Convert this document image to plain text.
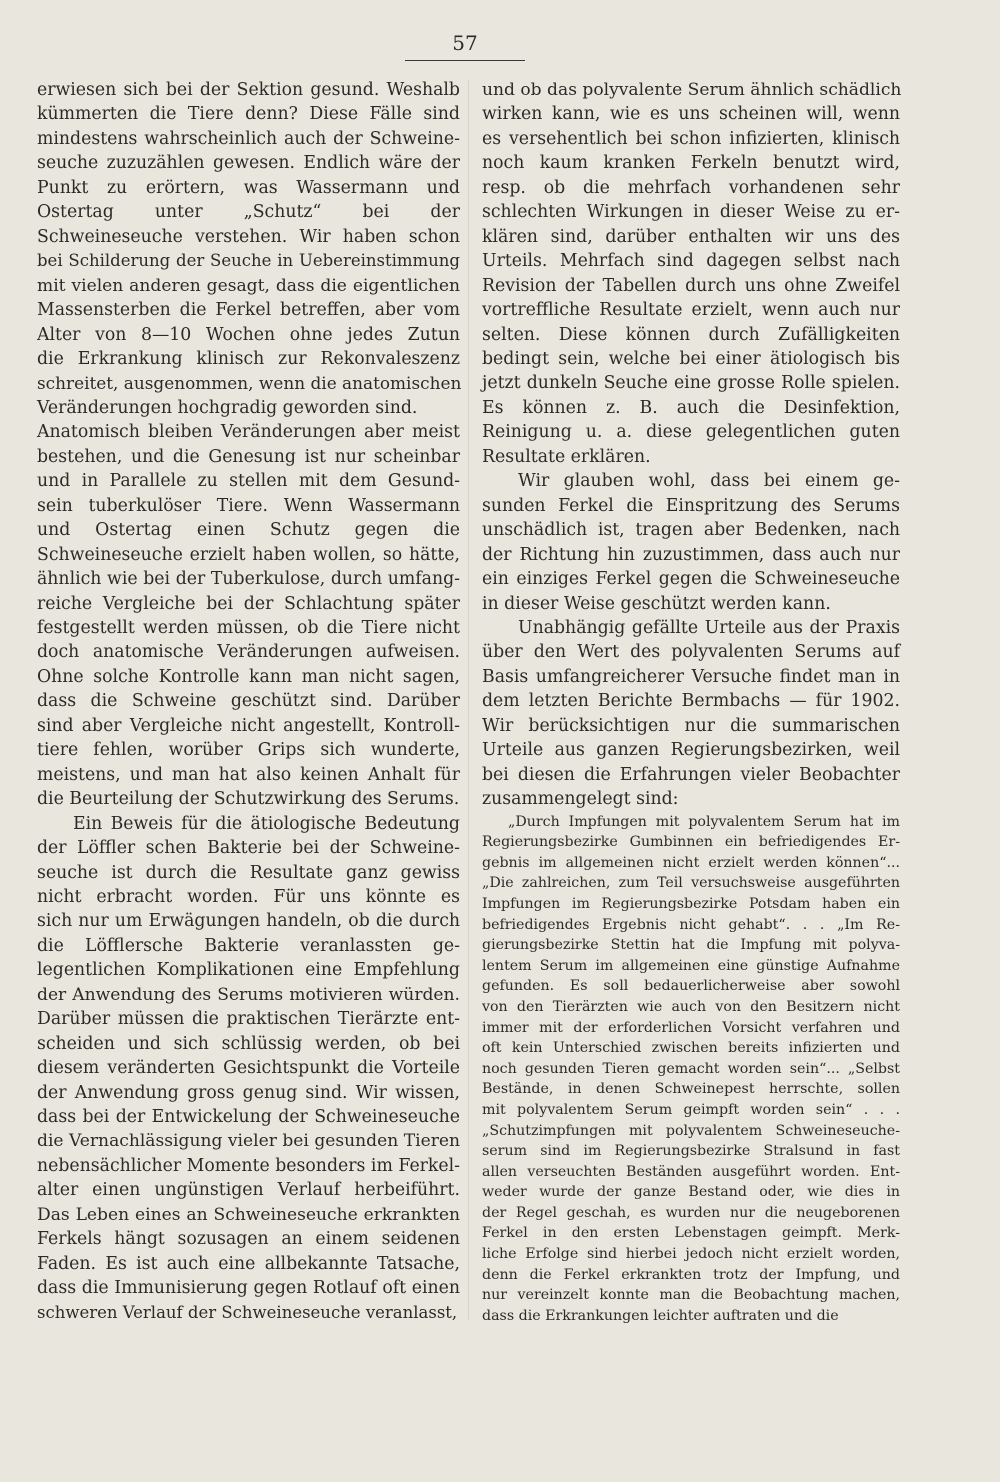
57
erwiesen sich bei der Sektion gesund. Weshalb
kümmerten die Tiere denn? Diese Fälle sind
mindestens wahrscheinlich auch der Schweine-
seuche zuzuzählen gewesen. Endlich wäre der
Punkt zu erörtern, was Wassermann und
Ostertag unter „Schutz“ bei der
Schweineseuche verstehen. Wir haben schon
bei Schilderung der Seuche in Uebereinstimmung
mit vielen anderen gesagt, dass die eigentlichen
Massensterben die Ferkel betreffen, aber vom
Alter von 8—10 Wochen ohne jedes Zutun
die Erkrankung klinisch zur Rekonvaleszenz
schreitet, ausgenommen, wenn die anatomischen
Veränderungen hochgradig geworden sind.
Anatomisch bleiben Veränderungen aber meist
bestehen, und die Genesung ist nur scheinbar
und in Parallele zu stellen mit dem Gesund-
sein tuberkulöser Tiere. Wenn Wassermann
und Ostertag einen Schutz gegen die
Schweineseuche erzielt haben wollen, so hätte,
ähnlich wie bei der Tuberkulose, durch umfang-
reiche Vergleiche bei der Schlachtung später
festgestellt werden müssen, ob die Tiere nicht
doch anatomische Veränderungen aufweisen.
Ohne solche Kontrolle kann man nicht sagen,
dass die Schweine geschützt sind. Darüber
sind aber Vergleiche nicht angestellt, Kontroll-
tiere fehlen, worüber Grips sich wunderte,
meistens, und man hat also keinen Anhalt für
die Beurteilung der Schutzwirkung des Serums.
Ein Beweis für die ätiologische Bedeutung
der Löffler schen Bakterie bei der Schweine-
seuche ist durch die Resultate ganz gewiss
nicht erbracht worden. Für uns könnte es
sich nur um Erwägungen handeln, ob die durch
die Löfflersche Bakterie veranlassten ge-
legentlichen Komplikationen eine Empfehlung
der Anwendung des Serums motivieren würden.
Darüber müssen die praktischen Tierärzte ent-
scheiden und sich schlüssig werden, ob bei
diesem veränderten Gesichtspunkt die Vorteile
der Anwendung gross genug sind. Wir wissen,
dass bei der Entwickelung der Schweineseuche
die Vernachlässigung vieler bei gesunden Tieren
nebensächlicher Momente besonders im Ferkel-
alter einen ungünstigen Verlauf herbeiführt.
Das Leben eines an Schweineseuche erkrankten
Ferkels hängt sozusagen an einem seidenen
Faden. Es ist auch eine allbekannte Tatsache,
dass die Immunisierung gegen Rotlauf oft einen
schweren Verlauf der Schweineseuche veranlasst,
und ob das polyvalente Serum ähnlich schädlich
wirken kann, wie es uns scheinen will, wenn
es versehentlich bei schon infizierten, klinisch
noch kaum kranken Ferkeln benutzt wird,
resp. ob die mehrfach vorhandenen sehr
schlechten Wirkungen in dieser Weise zu er-
klären sind, darüber enthalten wir uns des
Urteils. Mehrfach sind dagegen selbst nach
Revision der Tabellen durch uns ohne Zweifel
vortreffliche Resultate erzielt, wenn auch nur
selten. Diese können durch Zufälligkeiten
bedingt sein, welche bei einer ätiologisch bis
jetzt dunkeln Seuche eine grosse Rolle spielen.
Es können z. B. auch die Desinfektion,
Reinigung u. a. diese gelegentlichen guten
Resultate erklären.
Wir glauben wohl, dass bei einem ge-
sunden Ferkel die Einspritzung des Serums
unschädlich ist, tragen aber Bedenken, nach
der Richtung hin zuzustimmen, dass auch nur
ein einziges Ferkel gegen die Schweineseuche
in dieser Weise geschützt werden kann.
Unabhängig gefällte Urteile aus der Praxis
über den Wert des polyvalenten Serums auf
Basis umfangreicherer Versuche findet man in
dem letzten Berichte Bermbachs — für 1902.
Wir berücksichtigen nur die summarischen
Urteile aus ganzen Regierungsbezirken, weil
bei diesen die Erfahrungen vieler Beobachter
zusammengelegt sind:
„Durch Impfungen mit polyvalentem Serum hat im
Regierungsbezirke Gumbinnen ein befriedigendes Er-
gebnis im allgemeinen nicht erzielt werden können“...
„Die zahlreichen, zum Teil versuchsweise ausgeführten
Impfungen im Regierungsbezirke Potsdam haben ein
befriedigendes Ergebnis nicht gehabt“. . . „Im Re-
gierungsbezirke Stettin hat die Impfung mit polyva-
lentem Serum im allgemeinen eine günstige Aufnahme
gefunden. Es soll bedauerlicherweise aber sowohl
von den Tierärzten wie auch von den Besitzern nicht
immer mit der erforderlichen Vorsicht verfahren und
oft kein Unterschied zwischen bereits infizierten und
noch gesunden Tieren gemacht worden sein“... „Selbst
Bestände, in denen Schweinepest herrschte, sollen
mit polyvalentem Serum geimpft worden sein“ . . .
„Schutzimpfungen mit polyvalentem Schweineseuche-
serum sind im Regierungsbezirke Stralsund in fast
allen verseuchten Beständen ausgeführt worden. Ent-
weder wurde der ganze Bestand oder, wie dies in
der Regel geschah, es wurden nur die neugeborenen
Ferkel in den ersten Lebenstagen geimpft. Merk-
liche Erfolge sind hierbei jedoch nicht erzielt worden,
denn die Ferkel erkrankten trotz der Impfung, und
nur vereinzelt konnte man die Beobachtung machen,
dass die Erkrankungen leichter auftraten und die
